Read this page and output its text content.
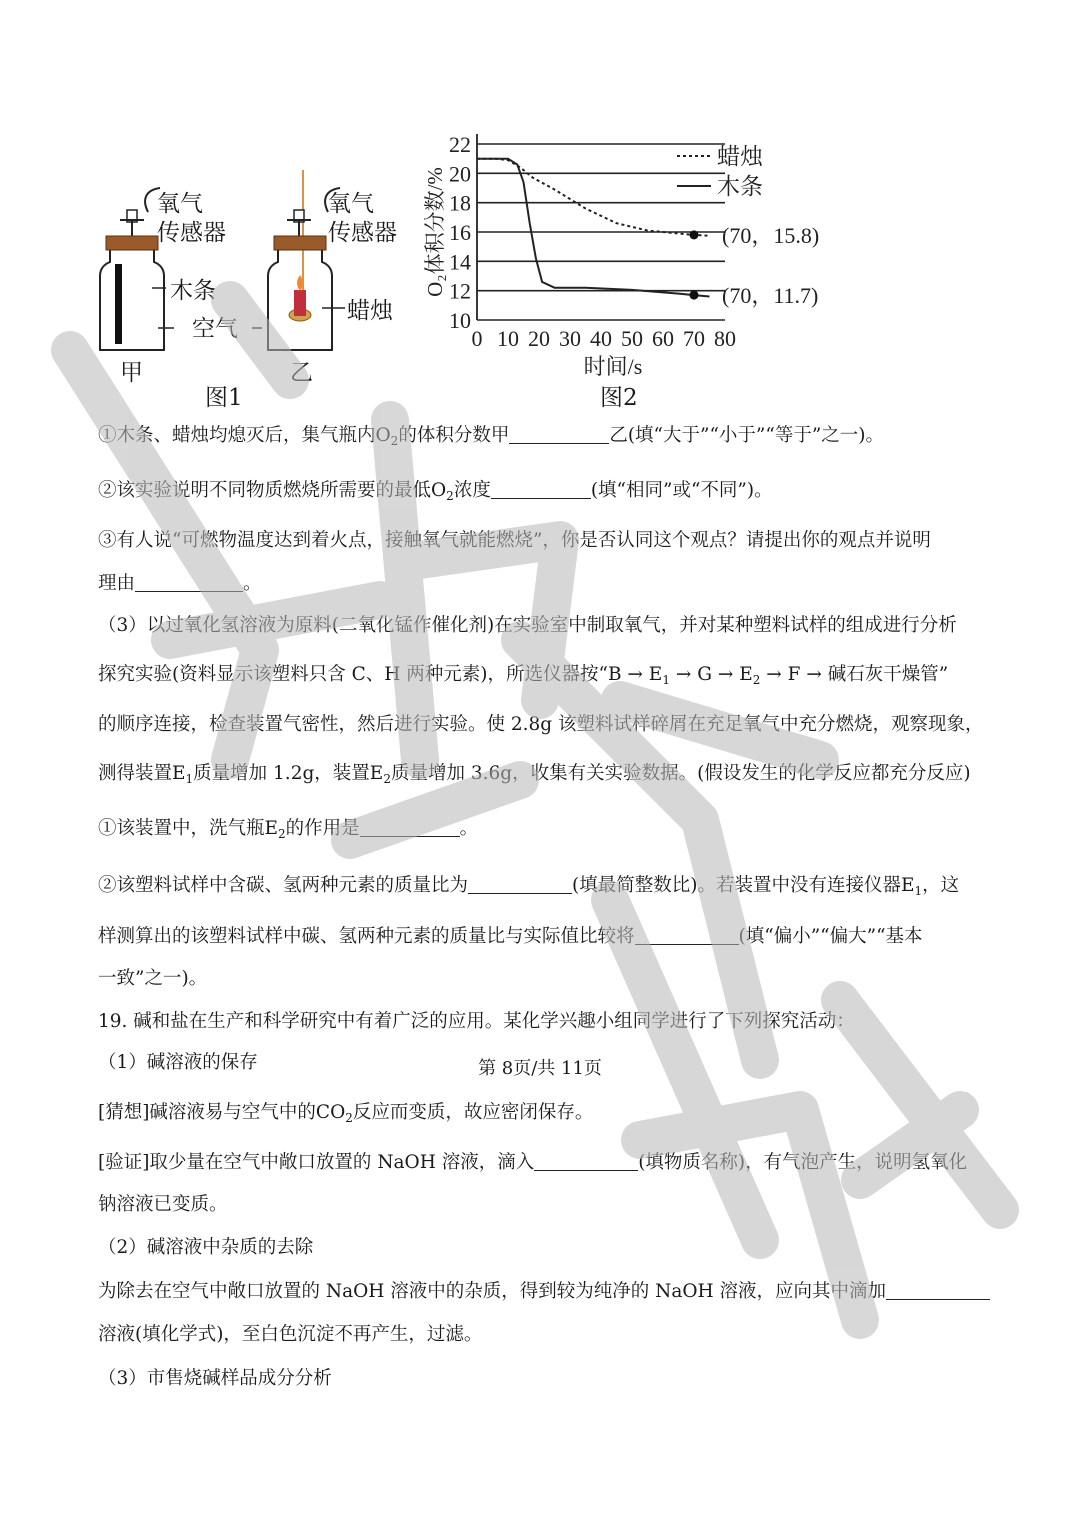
氧气
传感器
氧气
传感器
木条
空气
蜡烛
甲	乙
图1
10
12
14
16
18
20
22
0 10 20 30 40 50 60 70 80
时间/s
O₂体积分数/%	(70，15.8)
(70，11.7)
蜡烛
木条
图2
①木条、蜡烛均熄灭后，集气瓶内$O_2$的体积分数甲	乙(填“大于”“小于”“等于”之一)。
②该实验说明不同物质燃烧所需要的最低$O_2$浓度	(填“相同”或“不同”)。
③有人说“可燃物温度达到着火点，接触氧气就能燃烧”，你是否认同这个观点？请提出你的观点并说明
理由	。
（3）以过氧化氢溶液为原料(二氧化锰作催化剂)在实验室中制取氧气，并对某种塑料试样的组成进行分析
探究实验(资料显示该塑料只含 C、H 两种元素)，所选仪器按“$B \to E_1 \to G \to E_2 \to F$ → 碱石灰干燥管”
的顺序连接，检查装置气密性，然后进行实验。使 2.8g 该塑料试样碎屑在充足氧气中充分燃烧，观察现象，
测得装置$E_1$质量增加 1.2g，装置$E_2$质量增加 3.6g，收集有关实验数据。(假设发生的化学反应都充分反应)
①该装置中，洗气瓶$E_2$的作用是	。
②该塑料试样中含碳、氢两种元素的质量比为	(填最简整数比)。若装置中没有连接仪器$E_1$，这
样测算出的该塑料试样中碳、氢两种元素的质量比与实际值比较将	(填“偏小”“偏大”“基本
一致”之一)。
19. 碱和盐在生产和科学研究中有着广泛的应用。某化学兴趣小组同学进行了下列探究活动：
（1）碱溶液的保存
[猜想]碱溶液易与空气中的$CO_2$反应而变质，故应密闭保存。
[验证]取少量在空气中敞口放置的 NaOH 溶液，滴入	(填物质名称)，有气泡产生，说明氢氧化
钠溶液已变质。
（2）碱溶液中杂质的去除
为除去在空气中敞口放置的 NaOH 溶液中的杂质，得到较为纯净的 NaOH 溶液，应向其中滴加
溶液(填化学式)，至白色沉淀不再产生，过滤。
（3）市售烧碱样品成分分析
第 8页/共 11页
